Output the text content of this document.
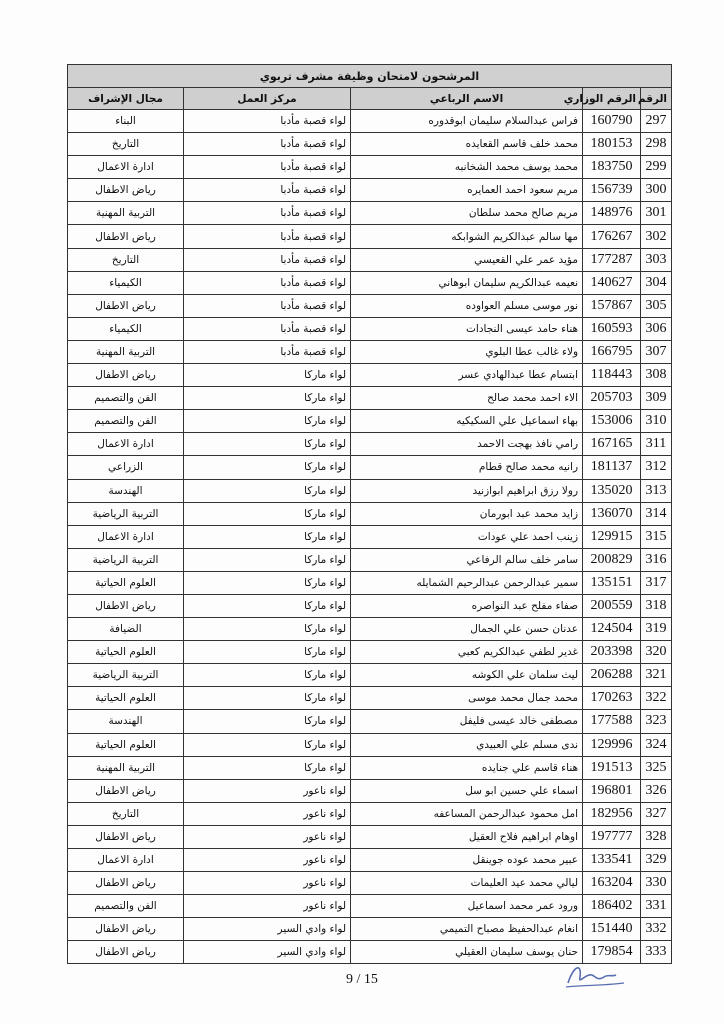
المرشحون لامتحان وظيفة مشرف تربوي				
الرقم	الرقم الوزاري	الاسم الرباعي	مركز العمل	مجال الإشراف
297	160790	فراس عبدالسلام سليمان ابوقدوره	لواء قصبة مأدبا	البناء
298	180153	محمد خلف قاسم القعايده	لواء قصبة مأدبا	التاريخ
299	183750	محمد يوسف محمد الشخانبه	لواء قصبة مأدبا	ادارة الاعمال
300	156739	مريم سعود احمد العمايره	لواء قصبة مأدبا	رياض الاطفال
301	148976	مريم صالح محمد سلطان	لواء قصبة مأدبا	التربية المهنية
302	176267	مها سالم عبدالكريم الشوابكه	لواء قصبة مأدبا	رياض الاطفال
303	177287	مؤيد عمر علي القعيسي	لواء قصبة مأدبا	التاريخ
304	140627	نعيمه عبدالكريم سليمان ابوهاني	لواء قصبة مأدبا	الكيمياء
305	157867	نور موسى مسلم العواوده	لواء قصبة مأدبا	رياض الاطفال
306	160593	هناء حامد عيسى النجادات	لواء قصبة مأدبا	الكيمياء
307	166795	ولاء غالب عطا البلوي	لواء قصبة مأدبا	التربية المهنية
308	118443	ابتسام عطا عبدالهادي عسر	لواء ماركا	رياض الاطفال
309	205703	الاء احمد محمد صالح	لواء ماركا	الفن والتصميم
310	153006	بهاء اسماعيل علي السكيكيه	لواء ماركا	الفن والتصميم
311	167165	رامي نافذ بهجت الاحمد	لواء ماركا	ادارة الاعمال
312	181137	رانيه محمد صالح قطام	لواء ماركا	الزراعي
313	135020	رولا رزق ابراهيم ابوازنيد	لواء ماركا	الهندسة
314	136070	زايد محمد عبد ابورمان	لواء ماركا	التربية الرياضية
315	129915	زينب احمد علي عودات	لواء ماركا	ادارة الاعمال
316	200829	سامر خلف سالم الرفاعي	لواء ماركا	التربية الرياضية
317	135151	سمير عبدالرحمن عبدالرحيم الشمايله	لواء ماركا	العلوم الحياتية
318	200559	صفاء مفلح عبد النواصره	لواء ماركا	رياض الاطفال
319	124504	عدنان حسن علي الجمال	لواء ماركا	الضيافة
320	203398	غدير لطفي عبدالكريم كعبي	لواء ماركا	العلوم الحياتية
321	206288	ليث سلمان علي الكوشه	لواء ماركا	التربية الرياضية
322	170263	محمد جمال محمد موسى	لواء ماركا	العلوم الحياتية
323	177588	مصطفى خالد عيسى فليفل	لواء ماركا	الهندسة
324	129996	ندى مسلم علي العبيدي	لواء ماركا	العلوم الحياتية
325	191513	هناء قاسم علي جنايده	لواء ماركا	التربية المهنية
326	196801	اسماء علي حسين ابو سل	لواء ناعور	رياض الاطفال
327	182956	امل محمود عبدالرحمن المساعفه	لواء ناعور	التاريخ
328	197777	اوهام ابراهيم فلاح العقيل	لواء ناعور	رياض الاطفال
329	133541	عبير محمد عوده جوينقل	لواء ناعور	ادارة الاعمال
330	163204	ليالي محمد عيد العليمات	لواء ناعور	رياض الاطفال
331	186402	ورود عمر محمد اسماعيل	لواء ناعور	الفن والتصميم
332	151440	انغام عبدالحفيظ مصباح التميمي	لواء وادي السير	رياض الاطفال
333	179854	حنان يوسف سليمان العقيلي	لواء وادي السير	رياض الاطفال
9 / 15
